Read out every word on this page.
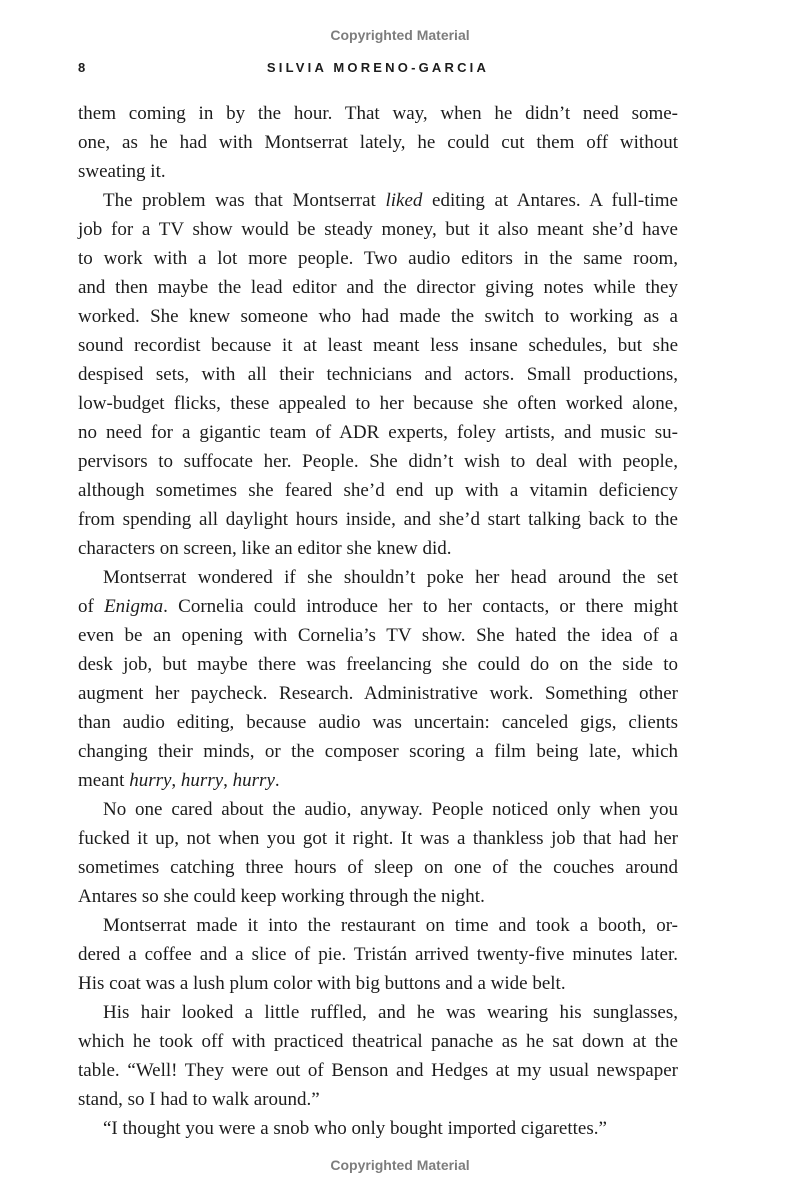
Copyrighted Material
8	SILVIA MORENO-GARCIA

them coming in by the hour. That way, when he didn’t need some-
one, as he had with Montserrat lately, he could cut them off without
sweating it.

The problem was that Montserrat liked editing at Antares. A full-time
job for a TV show would be steady money, but it also meant she’d have
to work with a lot more people. Two audio editors in the same room,
and then maybe the lead editor and the director giving notes while they
worked. She knew someone who had made the switch to working as a
sound recordist because it at least meant less insane schedules, but she
despised sets, with all their technicians and actors. Small productions,
low-budget flicks, these appealed to her because she often worked alone,
no need for a gigantic team of ADR experts, foley artists, and music su-
pervisors to suffocate her. People. She didn’t wish to deal with people,
although sometimes she feared she’d end up with a vitamin deficiency
from spending all daylight hours inside, and she’d start talking back to the
characters on screen, like an editor she knew did.

Montserrat wondered if she shouldn’t poke her head around the set
of Enigma. Cornelia could introduce her to her contacts, or there might
even be an opening with Cornelia’s TV show. She hated the idea of a
desk job, but maybe there was freelancing she could do on the side to
augment her paycheck. Research. Administrative work. Something other
than audio editing, because audio was uncertain: canceled gigs, clients
changing their minds, or the composer scoring a film being late, which
meant hurry, hurry, hurry.

No one cared about the audio, anyway. People noticed only when you
fucked it up, not when you got it right. It was a thankless job that had her
sometimes catching three hours of sleep on one of the couches around
Antares so she could keep working through the night.

Montserrat made it into the restaurant on time and took a booth, or-
dered a coffee and a slice of pie. Tristán arrived twenty-five minutes later.
His coat was a lush plum color with big buttons and a wide belt.

His hair looked a little ruffled, and he was wearing his sunglasses,
which he took off with practiced theatrical panache as he sat down at the
table. “Well! They were out of Benson and Hedges at my usual newspaper
stand, so I had to walk around.”

“I thought you were a snob who only bought imported cigarettes.”

Copyrighted Material
